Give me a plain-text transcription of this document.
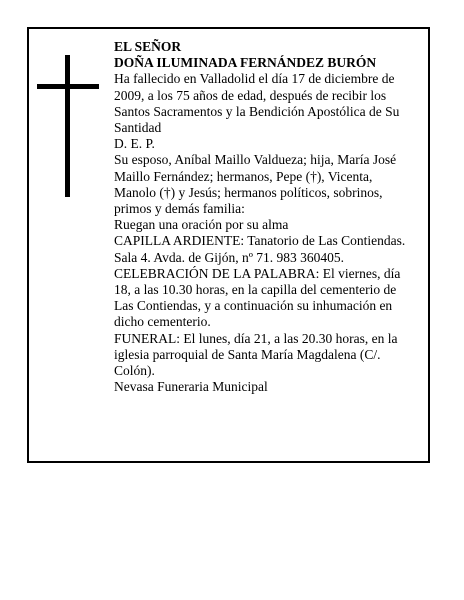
EL SEÑOR

DOÑA ILUMINADA FERNÁNDEZ BURÓN

Ha fallecido en Valladolid el día 17 de diciembre de 2009, a los 75 años de edad, después de recibir los Santos Sacramentos y la Bendición Apostólica de Su Santidad

D. E. P.

Su esposo, Aníbal Maillo Valdueza; hija, María José Maillo Fernández; hermanos, Pepe (†), Vicenta, Manolo (†) y Jesús; hermanos políticos, sobrinos, primos y demás familia:

Ruegan una oración por su alma

CAPILLA ARDIENTE: Tanatorio de Las Contiendas. Sala 4. Avda. de Gijón, nº 71. 983 360405.

CELEBRACIÓN DE LA PALABRA: El viernes, día 18, a las 10.30 horas, en la capilla del cementerio de Las Contiendas, y a continuación su inhumación en dicho cementerio.

FUNERAL: El lunes, día 21, a las 20.30 horas, en la iglesia parroquial de Santa María Magdalena (C/. Colón).

Nevasa Funeraria Municipal
